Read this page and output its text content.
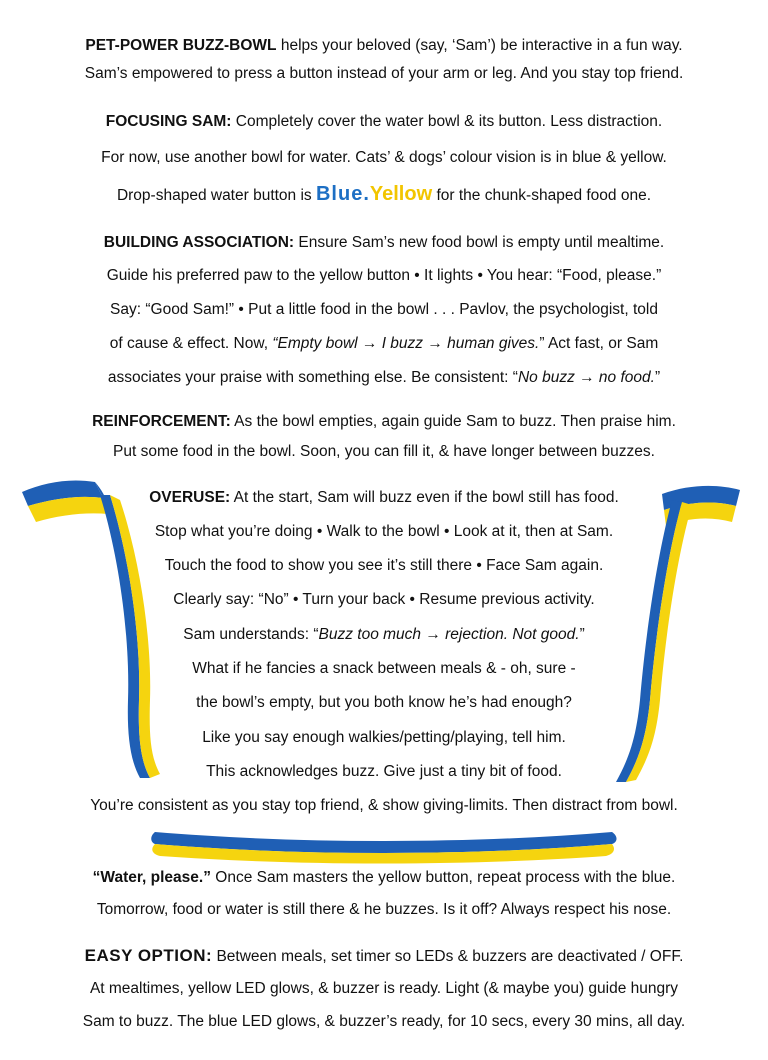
PET-POWER BUZZ-BOWL helps your beloved (say, ‘Sam’) be interactive in a fun way.
Sam’s empowered to press a button instead of your arm or leg. And you stay top friend.
FOCUSING SAM: Completely cover the water bowl & its button. Less distraction.
For now, use another bowl for water. Cats’ & dogs’ colour vision is in blue & yellow.
Drop-shaped water button is Blue.Yellow for the chunk-shaped food one.
BUILDING ASSOCIATION: Ensure Sam’s new food bowl is empty until mealtime.
Guide his preferred paw to the yellow button • It lights • You hear: “Food, please.”
Say: “Good Sam!” • Put a little food in the bowl . . . Pavlov, the psychologist, told
of cause & effect. Now, “Empty bowl → I buzz → human gives.” Act fast, or Sam
associates your praise with something else. Be consistent: “No buzz → no food.”
REINFORCEMENT: As the bowl empties, again guide Sam to buzz. Then praise him.
Put some food in the bowl. Soon, you can fill it, & have longer between buzzes.
OVERUSE: At the start, Sam will buzz even if the bowl still has food.
Stop what you’re doing • Walk to the bowl • Look at it, then at Sam.
Touch the food to show you see it’s still there • Face Sam again.
Clearly say: “No” • Turn your back • Resume previous activity.
Sam understands: “Buzz too much → rejection. Not good.”
What if he fancies a snack between meals & - oh, sure -
the bowl’s empty, but you both know he’s had enough?
Like you say enough walkies/petting/playing, tell him.
This acknowledges buzz. Give just a tiny bit of food.
You’re consistent as you stay top friend, & show giving-limits. Then distract from bowl.
“Water, please.” Once Sam masters the yellow button, repeat process with the blue.
Tomorrow, food or water is still there & he buzzes. Is it off? Always respect his nose.
EASY OPTION: Between meals, set timer so LEDs & buzzers are deactivated / OFF.
At mealtimes, yellow LED glows, & buzzer is ready. Light (& maybe you) guide hungry
Sam to buzz. The blue LED glows, & buzzer’s ready, for 10 secs, every 30 mins, all day.
